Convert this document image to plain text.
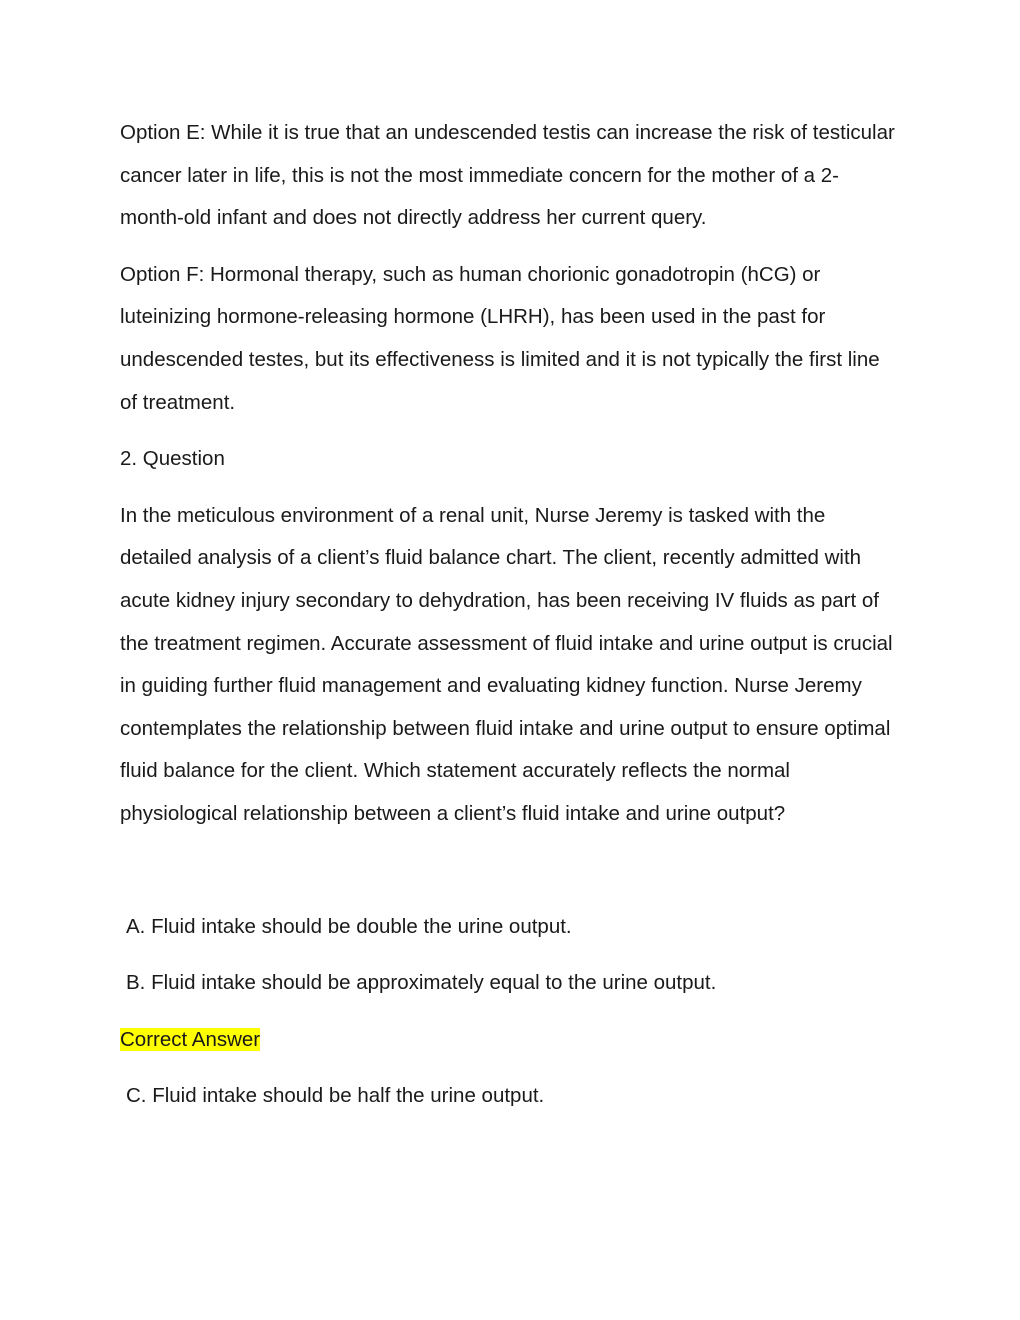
Option E: While it is true that an undescended testis can increase the risk of testicular cancer later in life, this is not the most immediate concern for the mother of a 2-month-old infant and does not directly address her current query.

Option F: Hormonal therapy, such as human chorionic gonadotropin (hCG) or luteinizing hormone-releasing hormone (LHRH), has been used in the past for undescended testes, but its effectiveness is limited and it is not typically the first line of treatment.

2. Question

In the meticulous environment of a renal unit, Nurse Jeremy is tasked with the detailed analysis of a client’s fluid balance chart. The client, recently admitted with acute kidney injury secondary to dehydration, has been receiving IV fluids as part of the treatment regimen. Accurate assessment of fluid intake and urine output is crucial in guiding further fluid management and evaluating kidney function. Nurse Jeremy contemplates the relationship between fluid intake and urine output to ensure optimal fluid balance for the client. Which statement accurately reflects the normal physiological relationship between a client’s fluid intake and urine output?

A. Fluid intake should be double the urine output.

B. Fluid intake should be approximately equal to the urine output.

Correct Answer

C. Fluid intake should be half the urine output.
